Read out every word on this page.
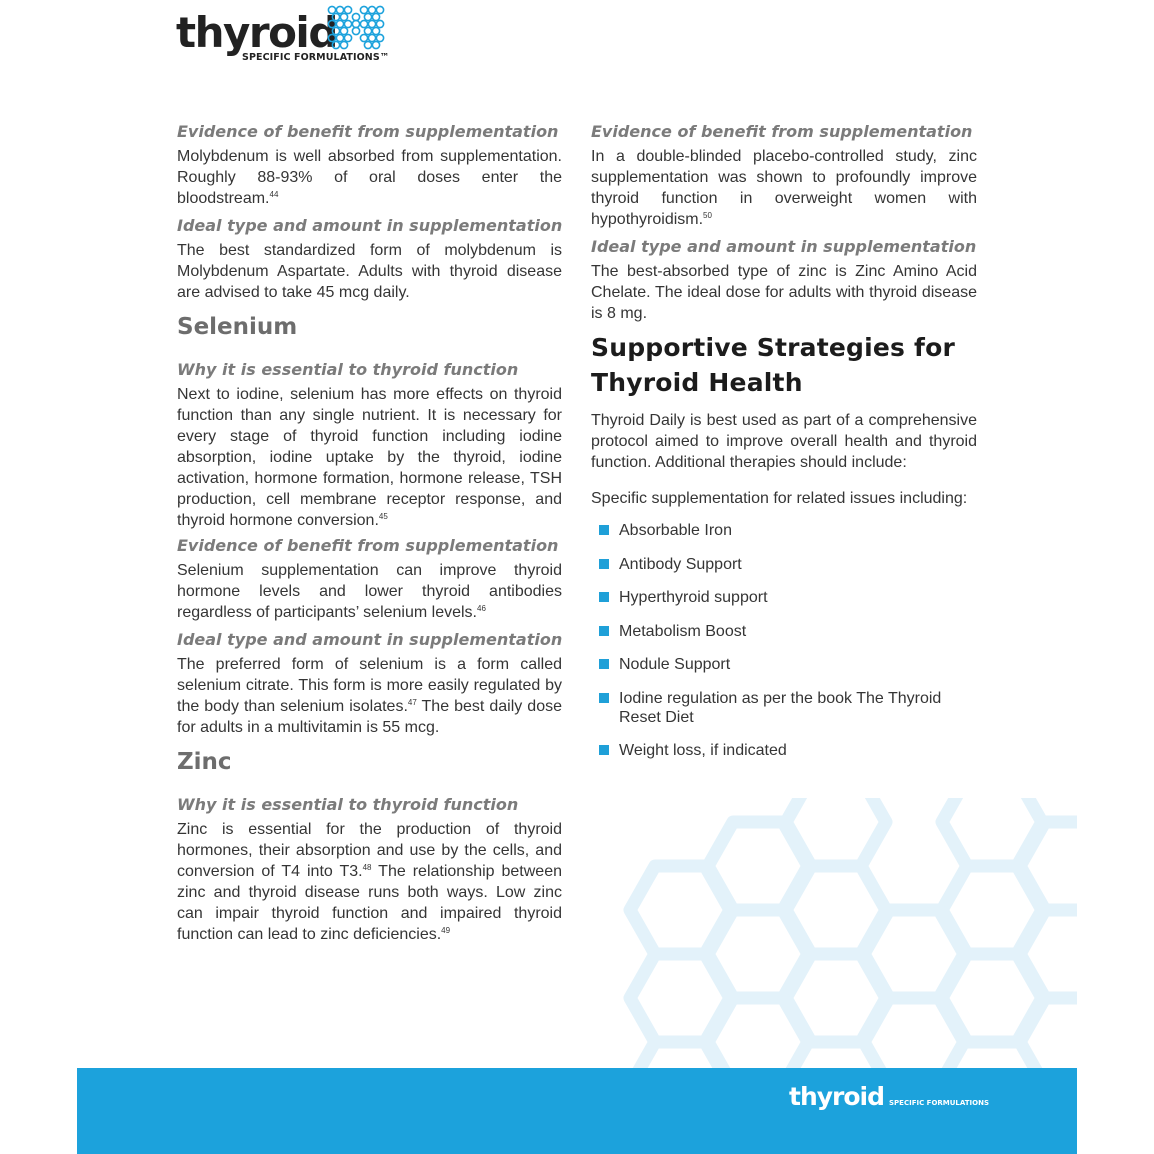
thyroid
SPECIFIC FORMULATIONS™
Evidence of benefit from supplementation

Molybdenum is well absorbed from supplementation. Roughly 88-93% of oral doses enter the bloodstream.$^{44}$

Ideal type and amount in supplementation

The best standardized form of molybdenum is Molybdenum Aspartate. Adults with thyroid disease are advised to take 45 mcg daily.

Selenium
Why it is essential to thyroid function

Next to iodine, selenium has more effects on thyroid function than any single nutrient. It is necessary for every stage of thyroid function including iodine absorption, iodine uptake by the thyroid, iodine activation, hormone formation, hormone release, TSH production, cell membrane receptor response, and thyroid hormone conversion.$^{45}$

Evidence of benefit from supplementation

Selenium supplementation can improve thyroid hormone levels and lower thyroid antibodies regardless of participants’ selenium levels.$^{46}$

Ideal type and amount in supplementation

The preferred form of selenium is a form called selenium citrate. This form is more easily regulated by the body than selenium isolates.$^{47}$ The best daily dose for adults in a multivitamin is 55 mcg.

Zinc
Why it is essential to thyroid function

Zinc is essential for the production of thyroid hormones, their absorption and use by the cells, and conversion of T4 into T3.48 The relationship between zinc and thyroid disease runs both ways. Low zinc can impair thyroid function and impaired thyroid function can lead to zinc deficiencies.$^{49}$

Evidence of benefit from supplementation

In a double-blinded placebo-controlled study, zinc supplementation was shown to profoundly improve thyroid function in overweight women with hypothyroidism.$^{50}$

Ideal type and amount in supplementation

The best-absorbed type of zinc is Zinc Amino Acid Chelate. The ideal dose for adults with thyroid disease is 8 mg.

Supportive Strategies for
Thyroid Health

Thyroid Daily is best used as part of a comprehensive protocol aimed to improve overall health and thyroid function. Additional therapies should include:

Specific supplementation for related issues including:

Absorbable Iron
Antibody Support
Hyperthyroid support
Metabolism Boost
Nodule Support
Iodine regulation as per the book The Thyroid Reset Diet
Weight loss, if indicated
thyroid SPECIFIC FORMULATIONS
